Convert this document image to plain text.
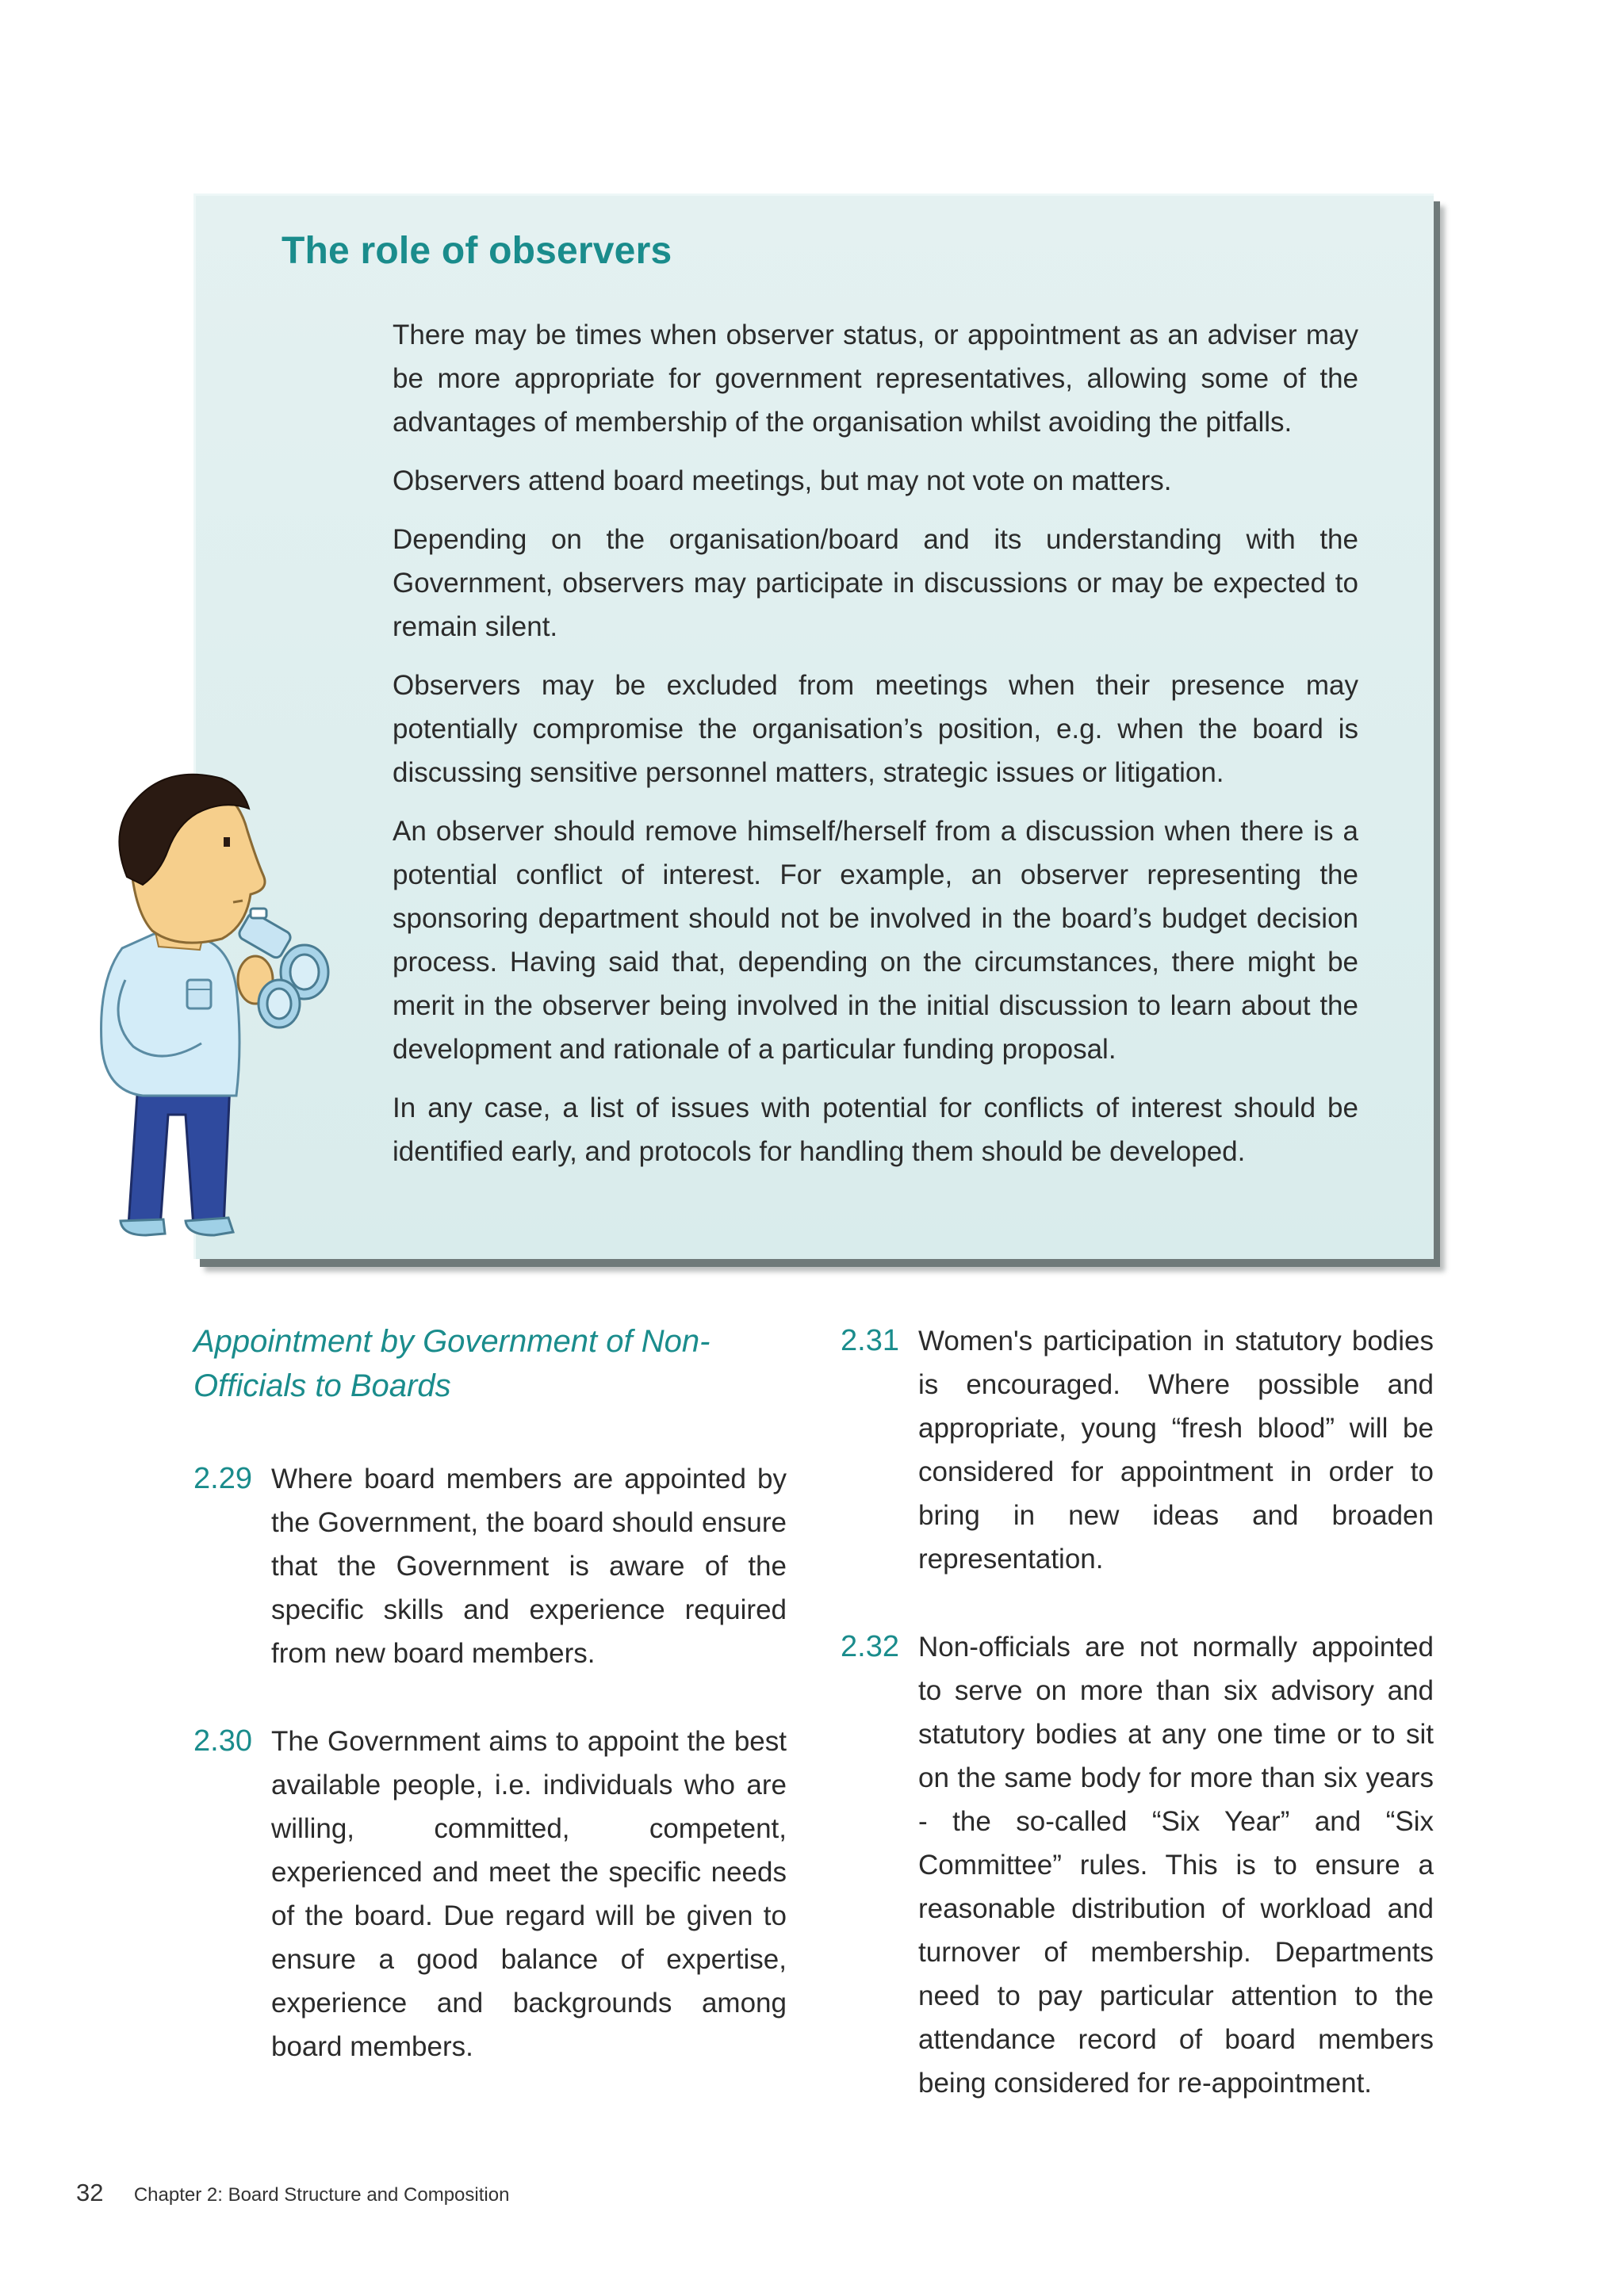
The role of observers

There may be times when observer status, or appointment as an adviser may be more appropriate for government representatives, allowing some of the advantages of membership of the organisation whilst avoiding the pitfalls.

Observers attend board meetings, but may not vote on matters.

Depending on the organisation/board and its understanding with the Government, observers may participate in discussions or may be expected to remain silent.

Observers may be excluded from meetings when their presence may potentially compromise the organisation’s position, e.g. when the board is discussing sensitive personnel matters, strategic issues or litigation.

An observer should remove himself/herself from a discussion when there is a potential conflict of interest. For example, an observer representing the sponsoring department should not be involved in the board’s budget decision process. Having said that, depending on the circumstances, there might be merit in the observer being involved in the initial discussion to learn about the development and rationale of a particular funding proposal.

In any case, a list of issues with potential for conflicts of interest should be identified early, and protocols for handling them should be developed.

Appointment by Government of Non-Officials to Boards
2.29 Where board members are appointed by the Government, the board should ensure that the Government is aware of the specific skills and experience required from new board members.
2.30 The Government aims to appoint the best available people, i.e. individuals who are willing, committed, competent, experienced and meet the specific needs of the board. Due regard will be given to ensure a good balance of expertise, experience and backgrounds among board members.
2.31 Women's participation in statutory bodies is encouraged. Where possible and appropriate, young “fresh blood” will be considered for appointment in order to bring in new ideas and broaden representation.
2.32 Non-officials are not normally appointed to serve on more than six advisory and statutory bodies at any one time or to sit on the same body for more than six years - the so-called “Six Year” and “Six Committee” rules. This is to ensure a reasonable distribution of workload and turnover of membership. Departments need to pay particular attention to the attendance record of board members being considered for re-appointment.
32 Chapter 2: Board Structure and Composition
